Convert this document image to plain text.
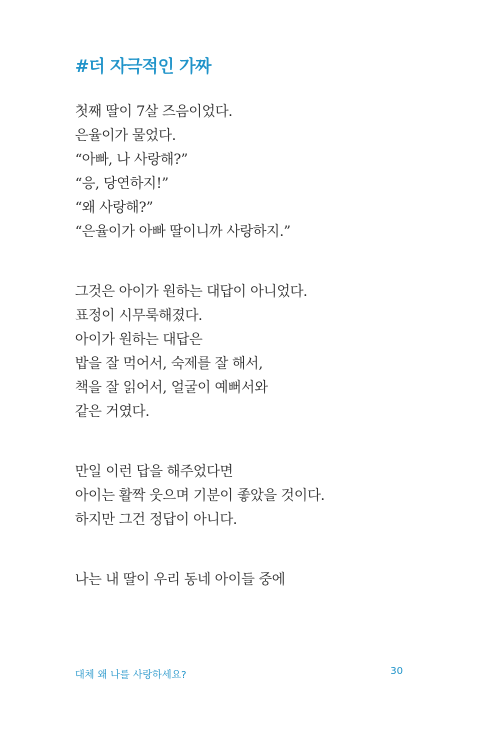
#더 자극적인 가짜
첫째 딸이 7살 즈음이었다.
은율이가 물었다.
“아빠, 나 사랑해?”
“응, 당연하지!”
“왜 사랑해?”
“은율이가 아빠 딸이니까 사랑하지.”
그것은 아이가 원하는 대답이 아니었다.
표정이 시무룩해졌다.
아이가 원하는 대답은
밥을 잘 먹어서, 숙제를 잘 해서,
책을 잘 읽어서, 얼굴이 예뻐서와
같은 거였다.
만일 이런 답을 해주었다면
아이는 활짝 웃으며 기분이 좋았을 것이다.
하지만 그건 정답이 아니다.
나는 내 딸이 우리 동네 아이들 중에
대체 왜 나를 사랑하세요?	30
